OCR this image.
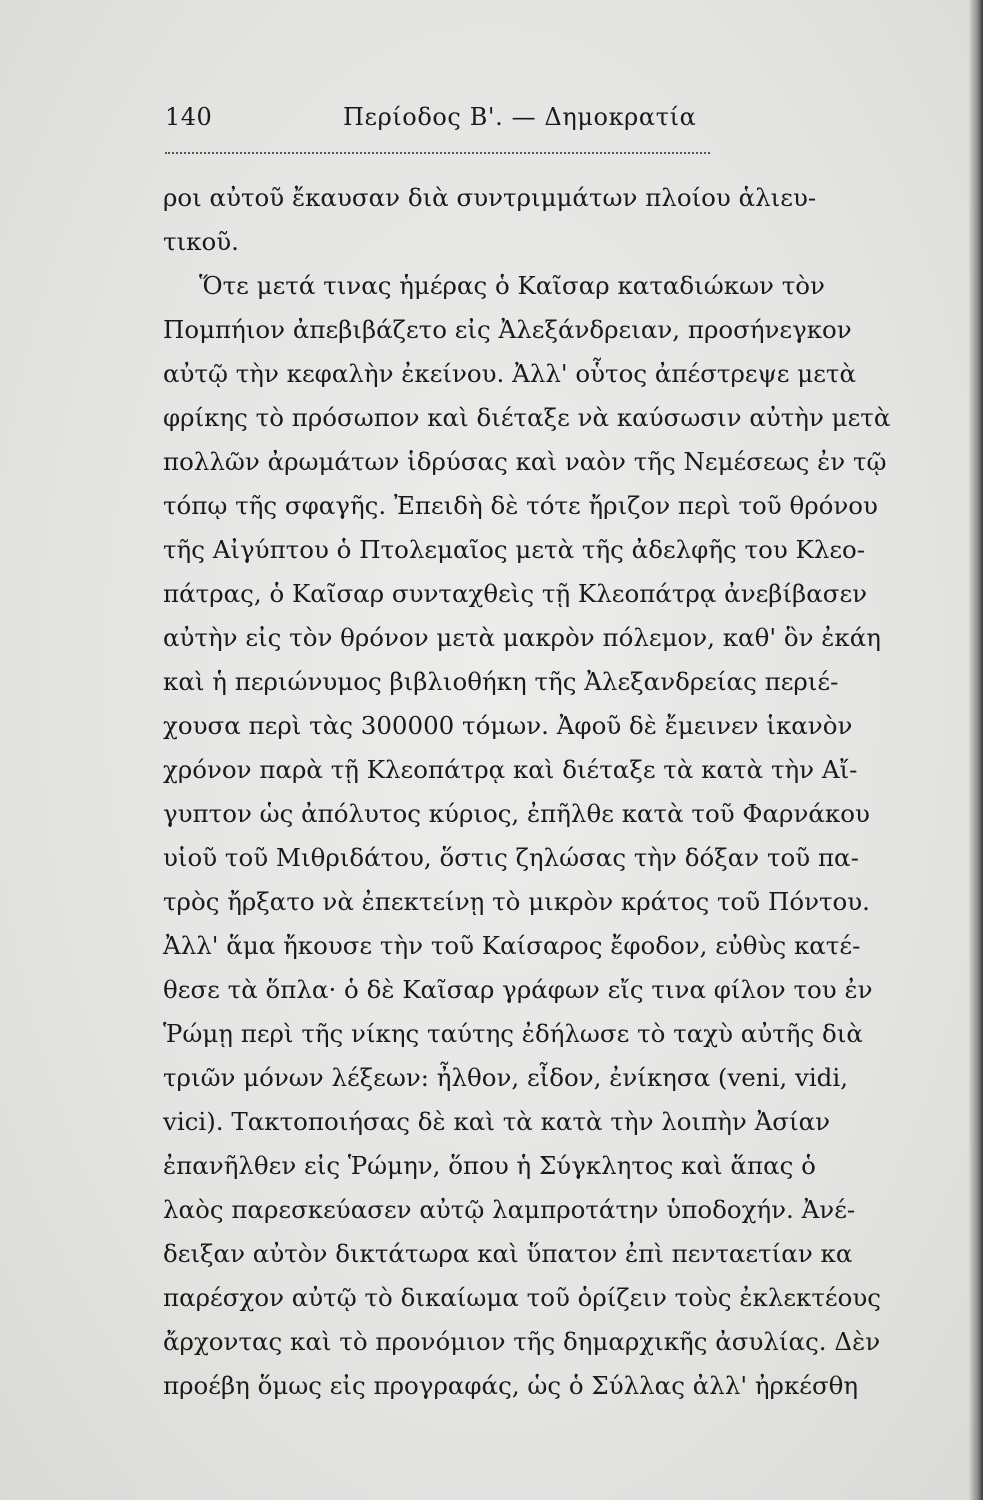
140	Περίοδος Β'. — Δημοκρατία
ροι αὐτοῦ ἔκαυσαν διὰ συντριμμάτων πλοίου ἁλιευ-
τικοῦ.
Ὅτε μετά τινας ἡμέρας ὁ Καῖσαρ καταδιώκων τὸν
Πομπήιον ἀπεβιβάζετο εἰς Ἀλεξάνδρειαν, προσήνεγκον
αὐτῷ τὴν κεφαλὴν ἐκείνου. Ἀλλ' οὗτος ἀπέστρεψε μετὰ
φρίκης τὸ πρόσωπον καὶ διέταξε νὰ καύσωσιν αὐτὴν μετὰ
πολλῶν ἀρωμάτων ἱδρύσας καὶ ναὸν τῆς Νεμέσεως ἐν τῷ
τόπῳ τῆς σφαγῆς. Ἐπειδὴ δὲ τότε ἤριζον περὶ τοῦ θρόνου
τῆς Αἰγύπτου ὁ Πτολεμαῖος μετὰ τῆς ἀδελφῆς του Κλεο-
πάτρας, ὁ Καῖσαρ συνταχθεὶς τῇ Κλεοπάτρᾳ ἀνεβίβασεν
αὐτὴν εἰς τὸν θρόνον μετὰ μακρὸν πόλεμον, καθ' ὃν ἐκάη
καὶ ἡ περιώνυμος βιβλιοθήκη τῆς Ἀλεξανδρείας περιέ-
χουσα περὶ τὰς 300000 τόμων. Ἀφοῦ δὲ ἔμεινεν ἱκανὸν
χρόνον παρὰ τῇ Κλεοπάτρᾳ καὶ διέταξε τὰ κατὰ τὴν Αἴ-
γυπτον ὡς ἀπόλυτος κύριος, ἐπῆλθε κατὰ τοῦ Φαρνάκου
υἱοῦ τοῦ Μιθριδάτου, ὅστις ζηλώσας τὴν δόξαν τοῦ πα-
τρὸς ἤρξατο νὰ ἐπεκτείνῃ τὸ μικρὸν κράτος τοῦ Πόντου.
Ἀλλ' ἅμα ἤκουσε τὴν τοῦ Καίσαρος ἔφοδον, εὐθὺς κατέ-
θεσε τὰ ὅπλα· ὁ δὲ Καῖσαρ γράφων εἴς τινα φίλον του ἐν
Ῥώμῃ περὶ τῆς νίκης ταύτης ἐδήλωσε τὸ ταχὺ αὐτῆς διὰ
τριῶν μόνων λέξεων: ἦλθον, εἶδον, ἐνίκησα (veni, vidi,
vici). Τακτοποιήσας δὲ καὶ τὰ κατὰ τὴν λοιπὴν Ἀσίαν
ἐπανῆλθεν εἰς Ῥώμην, ὅπου ἡ Σύγκλητος καὶ ἅπας ὁ
λαὸς παρεσκεύασεν αὐτῷ λαμπροτάτην ὑποδοχήν. Ἀνέ-
δειξαν αὐτὸν δικτάτωρα καὶ ὕπατον ἐπὶ πενταετίαν κα
παρέσχον αὐτῷ τὸ δικαίωμα τοῦ ὁρίζειν τοὺς ἐκλεκτέους
ἄρχοντας καὶ τὸ προνόμιον τῆς δημαρχικῆς ἀσυλίας. Δὲν
προέβη ὅμως εἰς προγραφάς, ὡς ὁ Σύλλας ἀλλ' ἠρκέσθη
